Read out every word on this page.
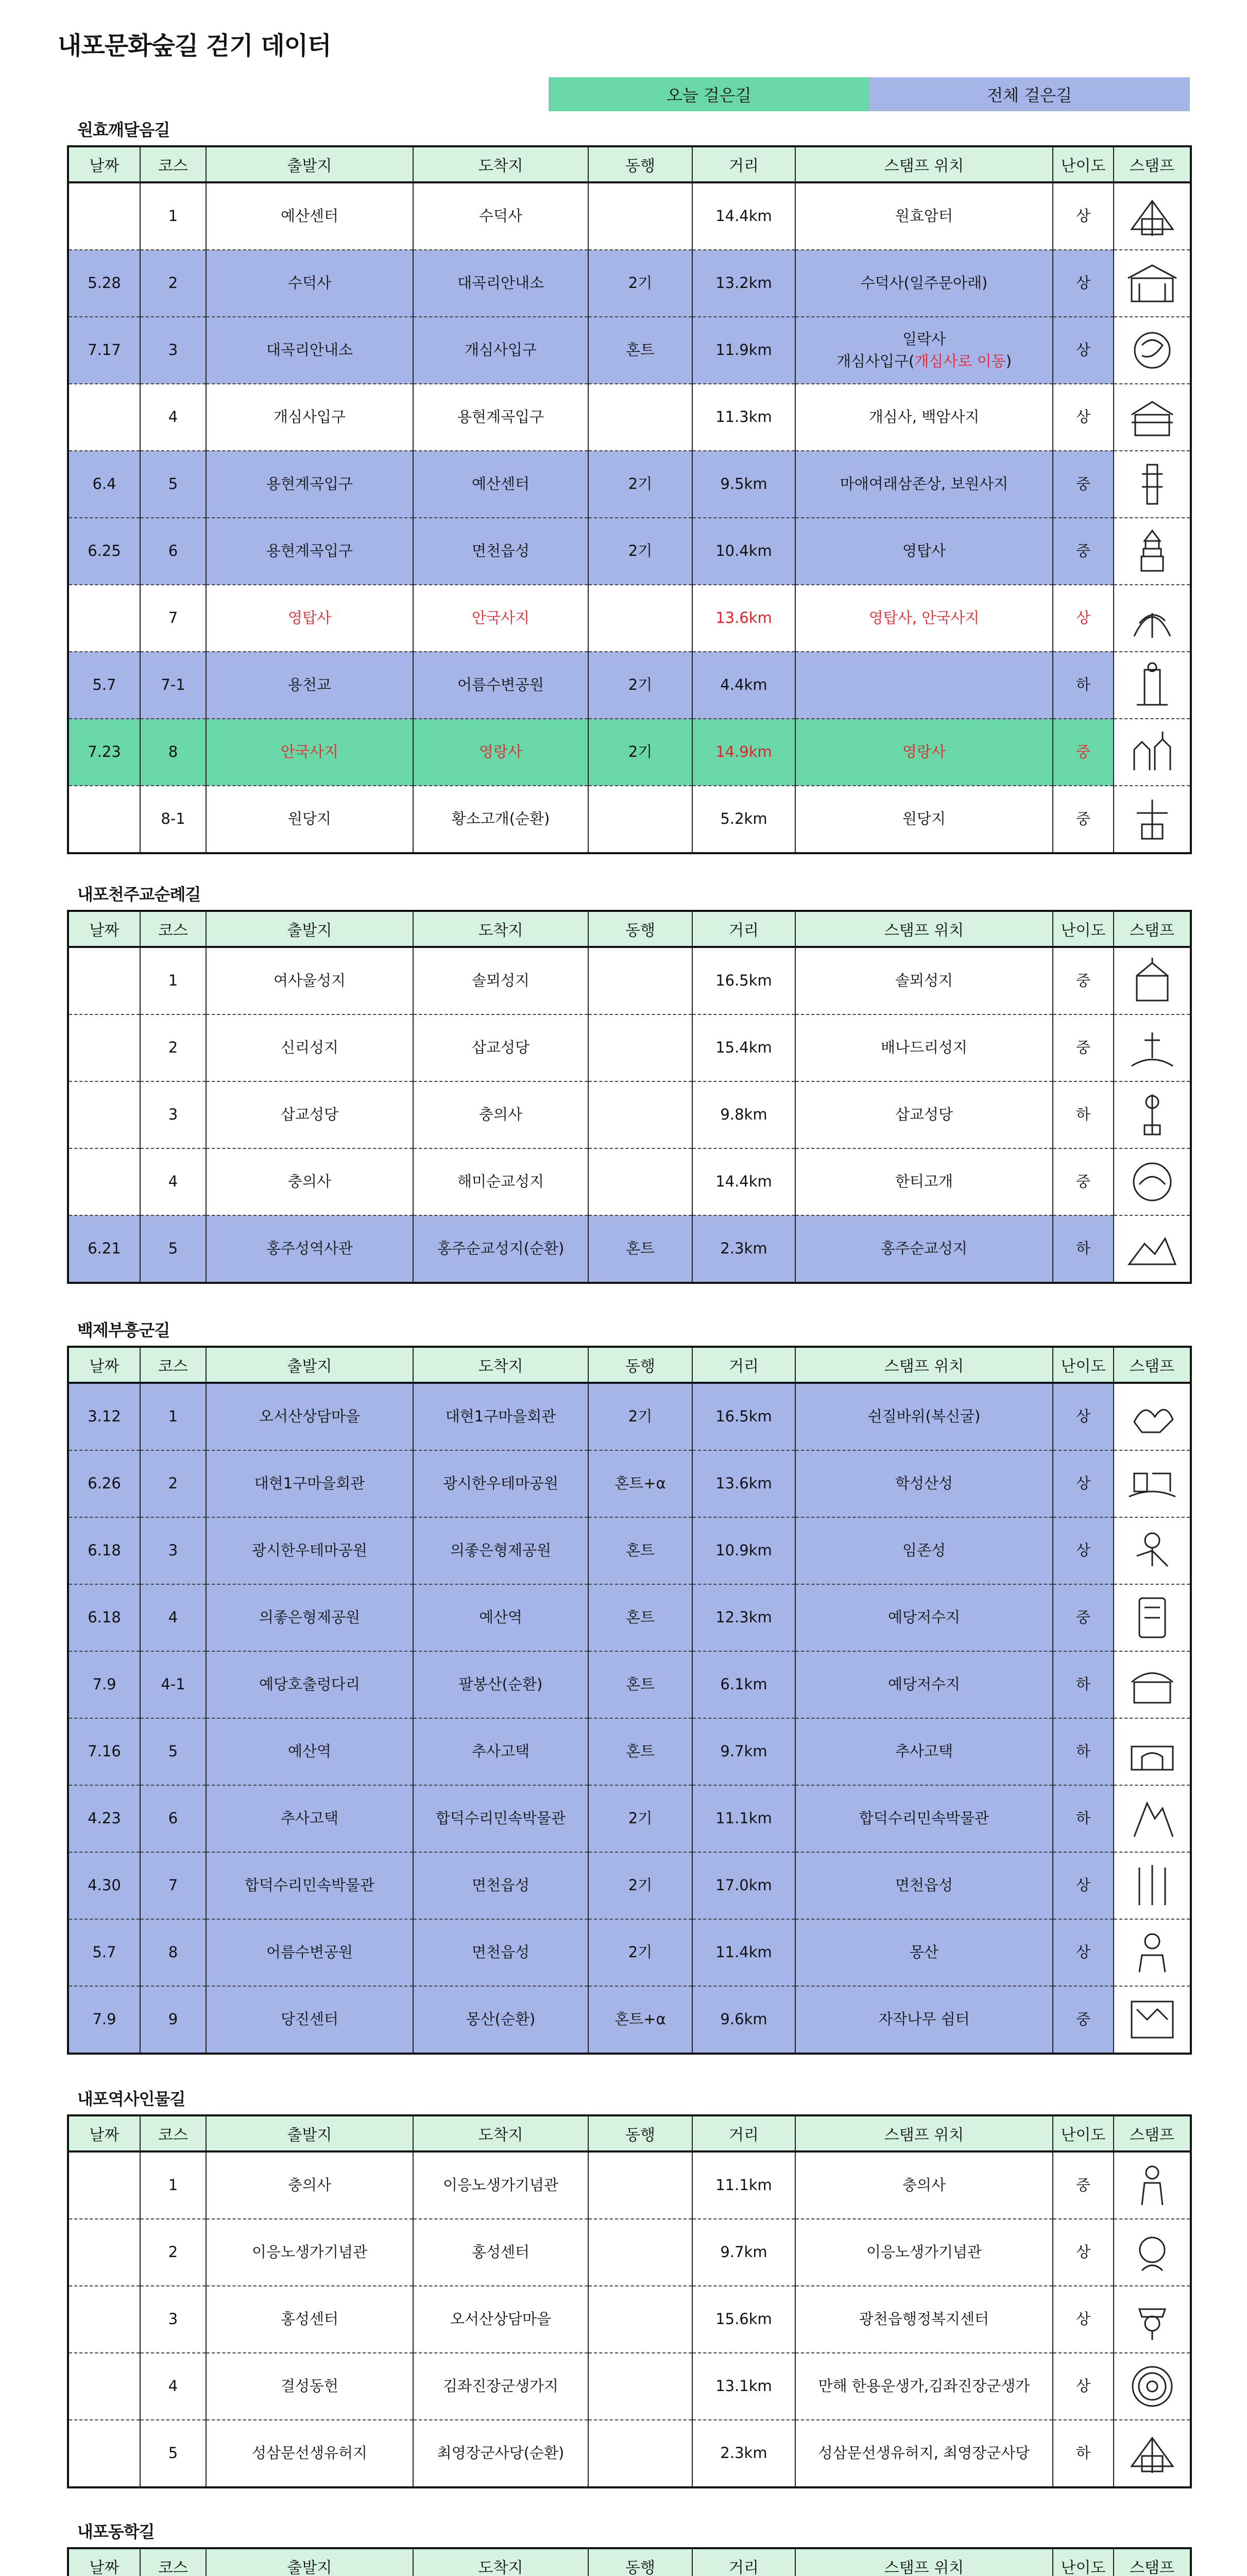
내포문화숲길 걷기 데이터
오늘 걸은길	전체 걸은길
원효깨달음길
날짜	코스	출발지	도착지	동행	거리	스탬프 위치	난이도	스탬프
	1	예산센터	수덕사		14.4km	원효암터	상	

5.28	2	수덕사	대곡리안내소	2기	13.2km	수덕사(일주문아래)	상	

7.17	3	대곡리안내소	개심사입구	혼트	11.9km	일락사
개심사입구(개심사로 이동)	상	

	4	개심사입구	용현계곡입구		11.3km	개심사, 백암사지	상	

6.4	5	용현계곡입구	예산센터	2기	9.5km	마애여래삼존상, 보원사지	중	

6.25	6	용현계곡입구	면천읍성	2기	10.4km	영탑사	중	

	7	영탑사	안국사지		13.6km	영탑사, 안국사지	상	

5.7	7-1	용천교	어름수변공원	2기	4.4km		하	

7.23	8	안국사지	영랑사	2기	14.9km	영랑사	중	

	8-1	원당지	황소고개(순환)		5.2km	원당지	중	
내포천주교순례길
날짜	코스	출발지	도착지	동행	거리	스탬프 위치	난이도	스탬프
	1	여사울성지	솔뫼성지		16.5km	솔뫼성지	중	

	2	신리성지	삽교성당		15.4km	배나드리성지	중	

	3	삽교성당	충의사		9.8km	삽교성당	하	

	4	충의사	해미순교성지		14.4km	한티고개	중	

6.21	5	홍주성역사관	홍주순교성지(순환)	혼트	2.3km	홍주순교성지	하	
백제부흥군길
날짜	코스	출발지	도착지	동행	거리	스탬프 위치	난이도	스탬프
3.12	1	오서산상담마을	대현1구마을회관	2기	16.5km	쉰질바위(복신굴)	상	

6.26	2	대현1구마을회관	광시한우테마공원	혼트+α	13.6km	학성산성	상	

6.18	3	광시한우테마공원	의좋은형제공원	혼트	10.9km	임존성	상	

6.18	4	의좋은형제공원	예산역	혼트	12.3km	예당저수지	중	

7.9	4-1	예당호출렁다리	팔봉산(순환)	혼트	6.1km	예당저수지	하	

7.16	5	예산역	추사고택	혼트	9.7km	추사고택	하	

4.23	6	추사고택	합덕수리민속박물관	2기	11.1km	합덕수리민속박물관	하	

4.30	7	합덕수리민속박물관	면천읍성	2기	17.0km	면천읍성	상	

5.7	8	어름수변공원	면천읍성	2기	11.4km	몽산	상	

7.9	9	당진센터	몽산(순환)	혼트+α	9.6km	자작나무 쉼터	중	
내포역사인물길
날짜	코스	출발지	도착지	동행	거리	스탬프 위치	난이도	스탬프
	1	충의사	이응노생가기념관		11.1km	충의사	중	

	2	이응노생가기념관	홍성센터		9.7km	이응노생가기념관	상	

	3	홍성센터	오서산상담마을		15.6km	광천읍행정복지센터	상	

	4	결성동헌	김좌진장군생가지		13.1km	만해 한용운생가,김좌진장군생가	상	

	5	성삼문선생유허지	최영장군사당(순환)		2.3km	성삼문선생유허지, 최영장군사당	하	
내포동학길
날짜	코스	출발지	도착지	동행	거리	스탬프 위치	난이도	스탬프
